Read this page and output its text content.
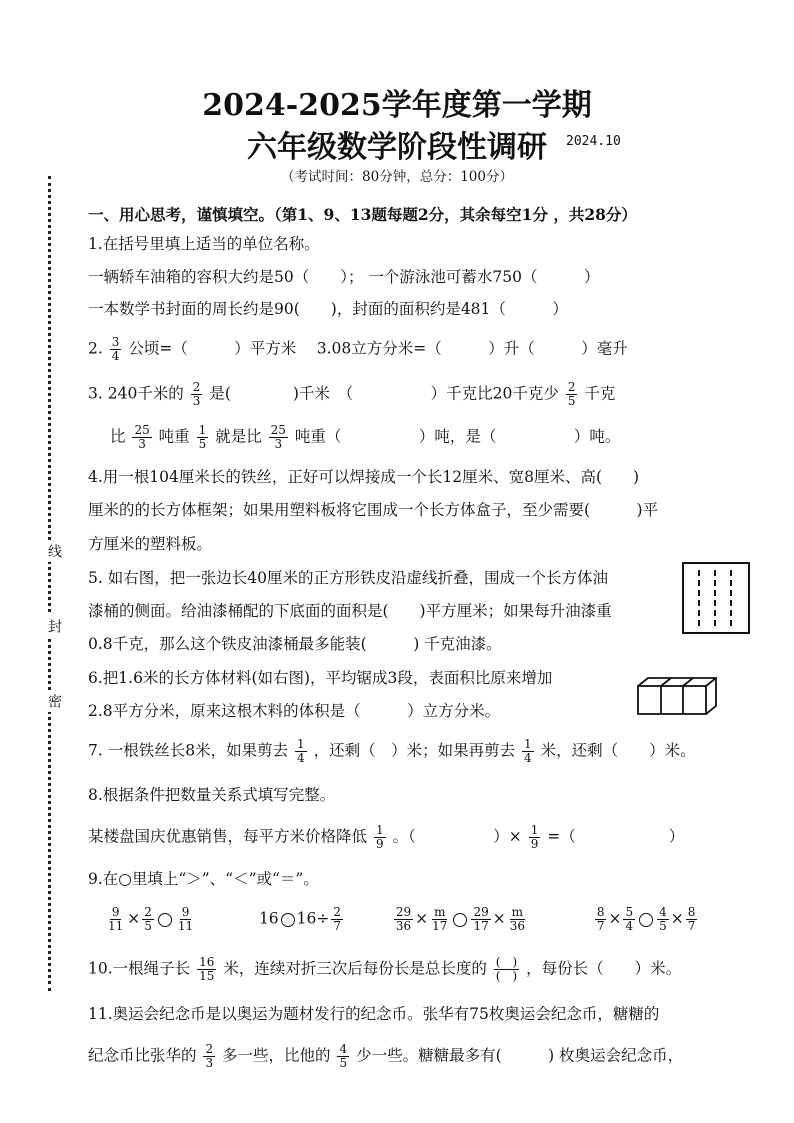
线
封
密
2024-2025学年度第一学期
六年级数学阶段性调研	2024.10
（考试时间：80分钟，总分：100分）
一、用心思考，谨慎填空。（第1、9、13题每题2分，其余每空1分 ，共28分）
1.在括号里填上适当的单位名称。
一辆轿车油箱的容积大约是50（　　）； 一个游泳池可蓄水750（　　　）
一本数学书封面的周长约是90(　　)，封面的面积约是481（　　　）
2. $\frac{3}{4}$ 公顷=（　　　）平方米　 3.08立方分米=（　　　）升（　　　）毫升
3. 240千米的 $\frac{2}{3}$ 是(　　　　)千米　（　　　　　）千克比20千克少 $\frac{2}{5}$ 千克
比 $\frac{25}{3}$ 吨重 $\frac{1}{5}$ 就是比 $\frac{25}{3}$ 吨重（　　　　　）吨，是（　　　　　）吨。
4.用一根104厘米长的铁丝，正好可以焊接成一个长12厘米、宽8厘米、高(　　)
厘米的的长方体框架；如果用塑料板将它围成一个长方体盒子，至少需要(　　　)平
方厘米的塑料板。
5. 如右图，把一张边长40厘米的正方形铁皮沿虚线折叠，围成一个长方体油
漆桶的侧面。给油漆桶配的下底面的面积是(　　)平方厘米；如果每升油漆重
0.8千克，那么这个铁皮油漆桶最多能装(　　　) 千克油漆。
6.把1.6米的长方体材料(如右图)，平均锯成3段，表面积比原来增加
2.8平方分米，原来这根木料的体积是（　　　）立方分米。
7. 一根铁丝长8米，如果剪去 $\frac{1}{4}$ ，还剩（　）米；如果再剪去 $\frac{1}{4}$ 米，还剩（　　）米。
8.根据条件把数量关系式填写完整。
某楼盘国庆优惠销售，每平方米价格降低 $\frac{1}{9}$ 。（　　　　　）× $\frac{1}{9}$ =（　　　　　　）
9.在○里填上“＞”、“＜”或“＝”。
$\frac{9}{11} \times \frac{2}{5} \frac{9}{11}$	16 $16\div \frac{2}{7}$
	$\frac{29}{36} \times \frac{m}{17} \frac{29}{17} \times \frac{m}{36}$
	$\frac{8}{7} \times \frac{5}{4} \frac{4}{5} \times \frac{8}{7}$
10.一根绳子长 $\frac{16}{15}$ 米，连续对折三次后每份长是总长度的 $\frac{( )}{( )}$ ，每份长（　　）米。
11.奥运会纪念币是以奥运为题材发行的纪念币。张华有75枚奥运会纪念币，糖糖的
纪念币比张华的 $\frac{2}{3}$ 多一些，比他的 $\frac{4}{5}$ 少一些。糖糖最多有(　　　) 枚奥运会纪念币，
